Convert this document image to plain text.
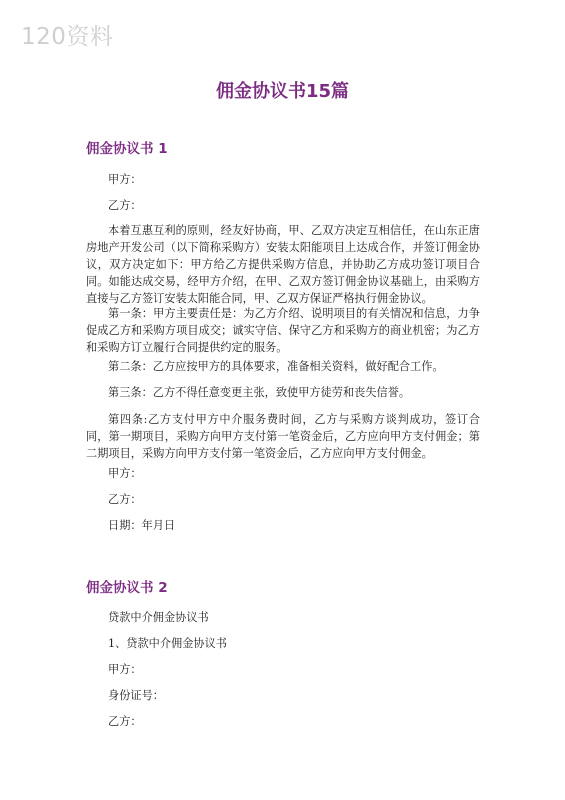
120资料
佣金协议书15篇
佣金协议书 1
甲方：
乙方：

本着互惠互利的原则，经友好协商，甲、乙双方决定互相信任，在山东正唐房地产开发公司（以下简称采购方）安装太阳能项目上达成合作，并签订佣金协议，双方决定如下：甲方给乙方提供采购方信息，并协助乙方成功签订项目合同。如能达成交易，经甲方介绍，在甲、乙双方签订佣金协议基础上，由采购方直接与乙方签订安装太阳能合同，甲、乙双方保证严格执行佣金协议。

第一条：甲方主要责任是：为乙方介绍、说明项目的有关情况和信息，力争促成乙方和采购方项目成交；诚实守信、保守乙方和采购方的商业机密；为乙方和采购方订立履行合同提供约定的服务。

第二条：乙方应按甲方的具体要求，准备相关资料，做好配合工作。

第三条：乙方不得任意变更主张，致使甲方徒劳和丧失信誉。

第四条:乙方支付甲方中介服务费时间，乙方与采购方谈判成功，签订合同，第一期项目，采购方向甲方支付第一笔资金后，乙方应向甲方支付佣金；第二期项目，采购方向甲方支付第一笔资金后，乙方应向甲方支付佣金。

甲方：
乙方：
日期：年月日
佣金协议书 2
贷款中介佣金协议书
1、贷款中介佣金协议书
甲方：
身份证号：
乙方：
